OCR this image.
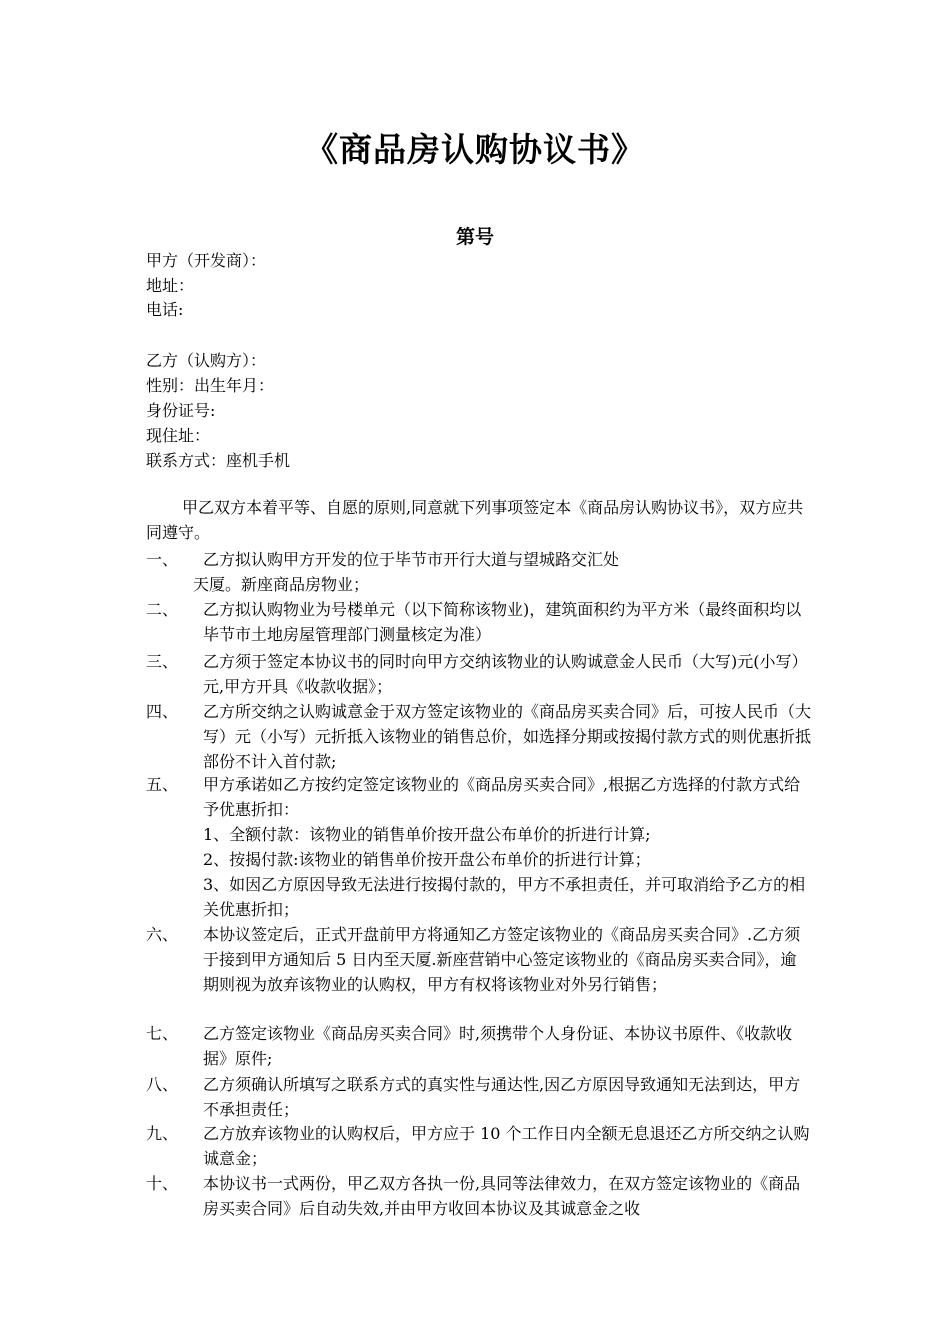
《商品房认购协议书》
第号
甲方（开发商）：
地址：
电话:
乙方（认购方）：
性别：出生年月：
身份证号:
现住址：
联系方式：座机手机

甲乙双方本着平等、自愿的原则,同意就下列事项签定本《商品房认购协议书》，双方应共同遵守。

一、	乙方拟认购甲方开发的位于毕节市开行大道与望城路交汇处
天厦。新座商品房物业；
二、	乙方拟认购物业为号楼单元（以下简称该物业)，建筑面积约为平方米（最终面积均以毕节市土地房屋管理部门测量核定为准）
三、	乙方须于签定本协议书的同时向甲方交纳该物业的认购诚意金人民币（大写)元(小写）元,甲方开具《收款收据》；
四、	乙方所交纳之认购诚意金于双方签定该物业的《商品房买卖合同》后，可按人民币（大写）元（小写）元折抵入该物业的销售总价，如选择分期或按揭付款方式的则优惠折抵部份不计入首付款;
五、	甲方承诺如乙方按约定签定该物业的《商品房买卖合同》,根据乙方选择的付款方式给予优惠折扣：
1、全额付款：该物业的销售单价按开盘公布单价的折进行计算;
2、按揭付款:该物业的销售单价按开盘公布单价的折进行计算；
3、如因乙方原因导致无法进行按揭付款的，甲方不承担责任，并可取消给予乙方的相关优惠折扣；
六、	本协议签定后，正式开盘前甲方将通知乙方签定该物业的《商品房买卖合同》.乙方须于接到甲方通知后 5 日内至天厦.新座营销中心签定该物业的《商品房买卖合同》，逾期则视为放弃该物业的认购权，甲方有权将该物业对外另行销售；
七、	乙方签定该物业《商品房买卖合同》时,须携带个人身份证、本协议书原件、《收款收据》原件;
八、	乙方须确认所填写之联系方式的真实性与通达性,因乙方原因导致通知无法到达，甲方不承担责任；
九、	乙方放弃该物业的认购权后，甲方应于 10 个工作日内全额无息退还乙方所交纳之认购诚意金；
十、	本协议书一式两份，甲乙双方各执一份,具同等法律效力，在双方签定该物业的《商品房买卖合同》后自动失效,并由甲方收回本协议及其诚意金之收
